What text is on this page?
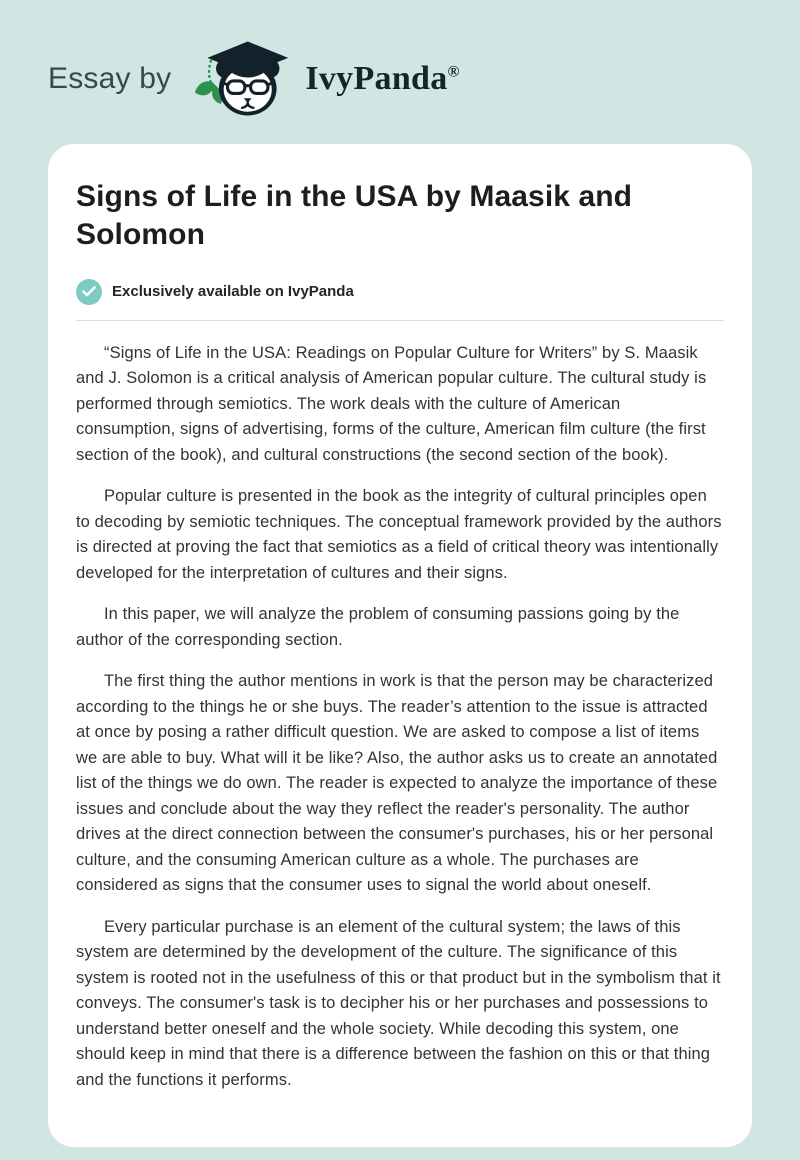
Essay by	IvyPanda®
Signs of Life in the USA by Maasik and Solomon
Exclusively available on IvyPanda

“Signs of Life in the USA: Readings on Popular Culture for Writers” by S. Maasik and J. Solomon is a critical analysis of American popular culture. The cultural study is performed through semiotics. The work deals with the culture of American consumption, signs of advertising, forms of the culture, American film culture (the first section of the book), and cultural constructions (the second section of the book).

Popular culture is presented in the book as the integrity of cultural principles open to decoding by semiotic techniques. The conceptual framework provided by the authors is directed at proving the fact that semiotics as a field of critical theory was intentionally developed for the interpretation of cultures and their signs.

In this paper, we will analyze the problem of consuming passions going by the author of the corresponding section.

The first thing the author mentions in work is that the person may be characterized according to the things he or she buys. The reader’s attention to the issue is attracted at once by posing a rather difficult question. We are asked to compose a list of items we are able to buy. What will it be like? Also, the author asks us to create an annotated list of the things we do own. The reader is expected to analyze the importance of these issues and conclude about the way they reflect the reader's personality. The author drives at the direct connection between the consumer's purchases, his or her personal culture, and the consuming American culture as a whole. The purchases are considered as signs that the consumer uses to signal the world about oneself.

Every particular purchase is an element of the cultural system; the laws of this system are determined by the development of the culture. The significance of this system is rooted not in the usefulness of this or that product but in the symbolism that it conveys. The consumer's task is to decipher his or her purchases and possessions to understand better oneself and the whole society. While decoding this system, one should keep in mind that there is a difference between the fashion on this or that thing and the functions it performs.
